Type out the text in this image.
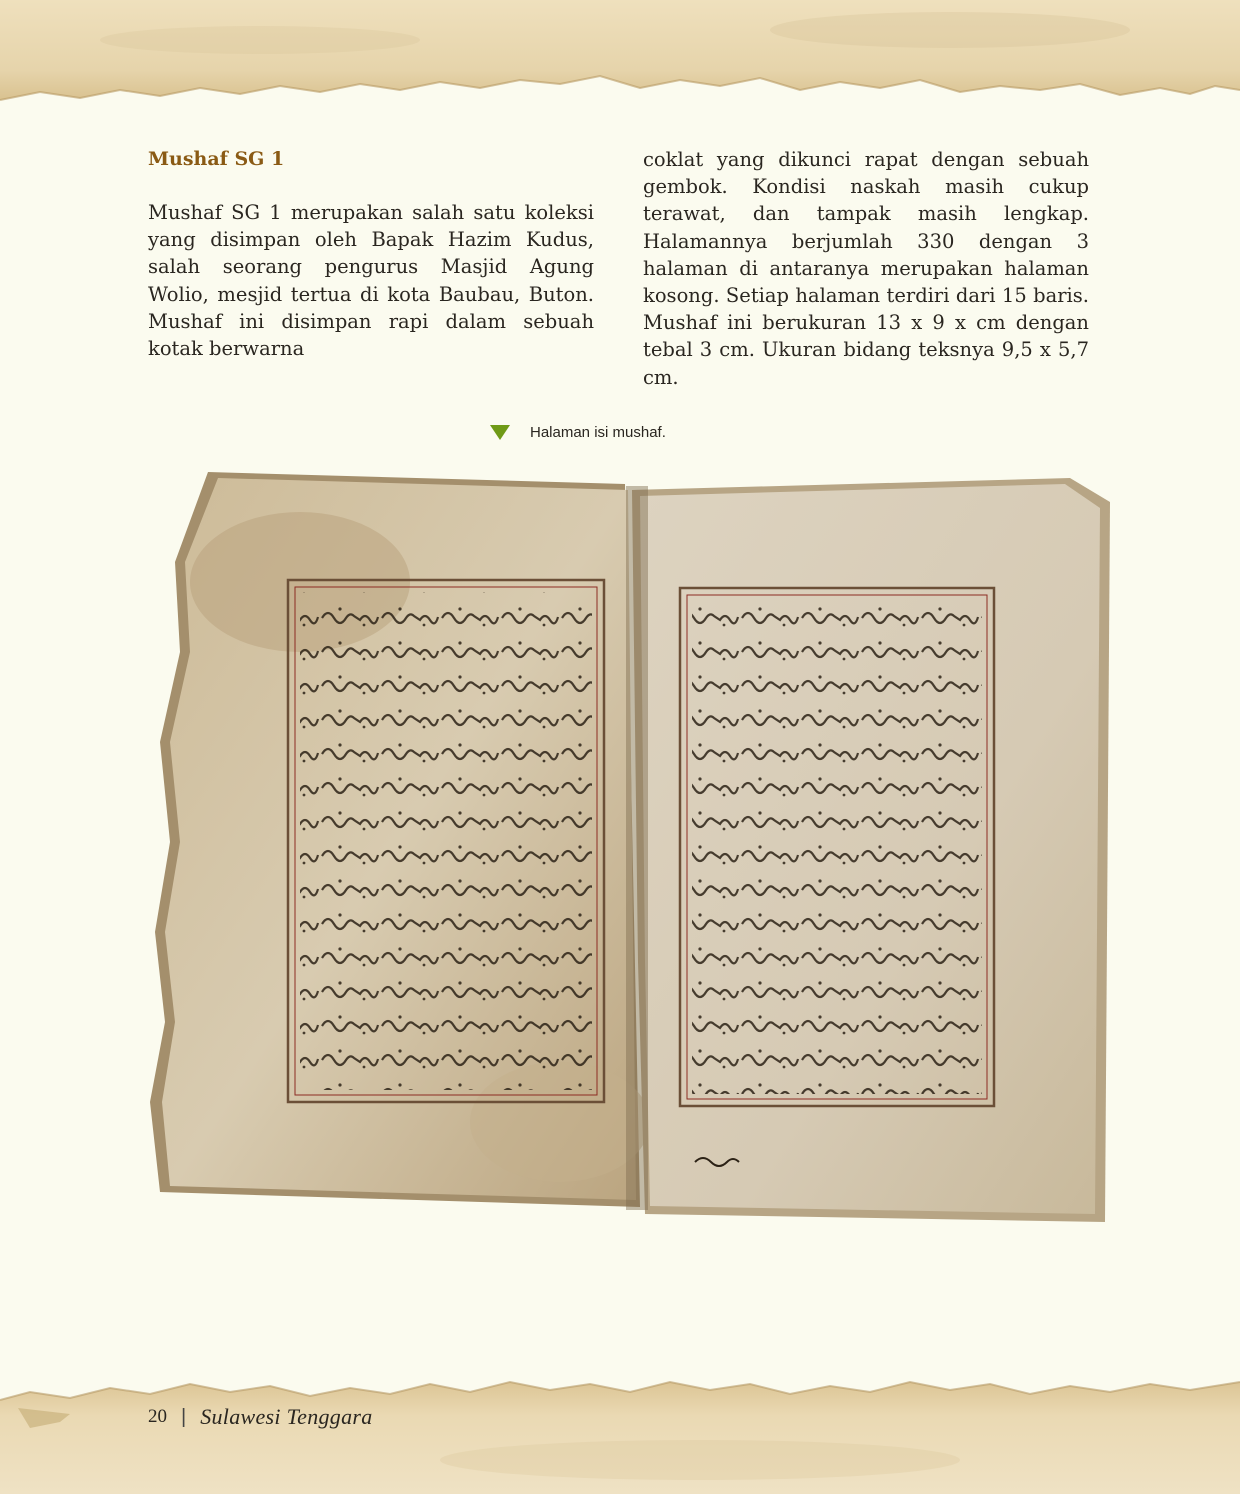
Mushaf SG 1

Mushaf SG 1 merupakan salah satu koleksi yang disimpan oleh Bapak Hazim Kudus, salah seorang pengurus Masjid Agung Wolio, mesjid tertua di kota Baubau, Buton. Mushaf ini disimpan rapi dalam sebuah kotak berwarna

coklat yang dikunci rapat dengan sebuah gembok. Kondisi naskah masih cukup terawat, dan tampak masih lengkap. Halamannya berjumlah 330 dengan 3 halaman di antaranya merupakan halaman kosong. Setiap halaman terdiri dari 15 baris. Mushaf ini berukuran 13 x 9 x cm dengan tebal 3 cm. Ukuran bidang teksnya 9,5 x 5,7 cm.

Halaman isi mushaf.
20 | Sulawesi Tenggara
